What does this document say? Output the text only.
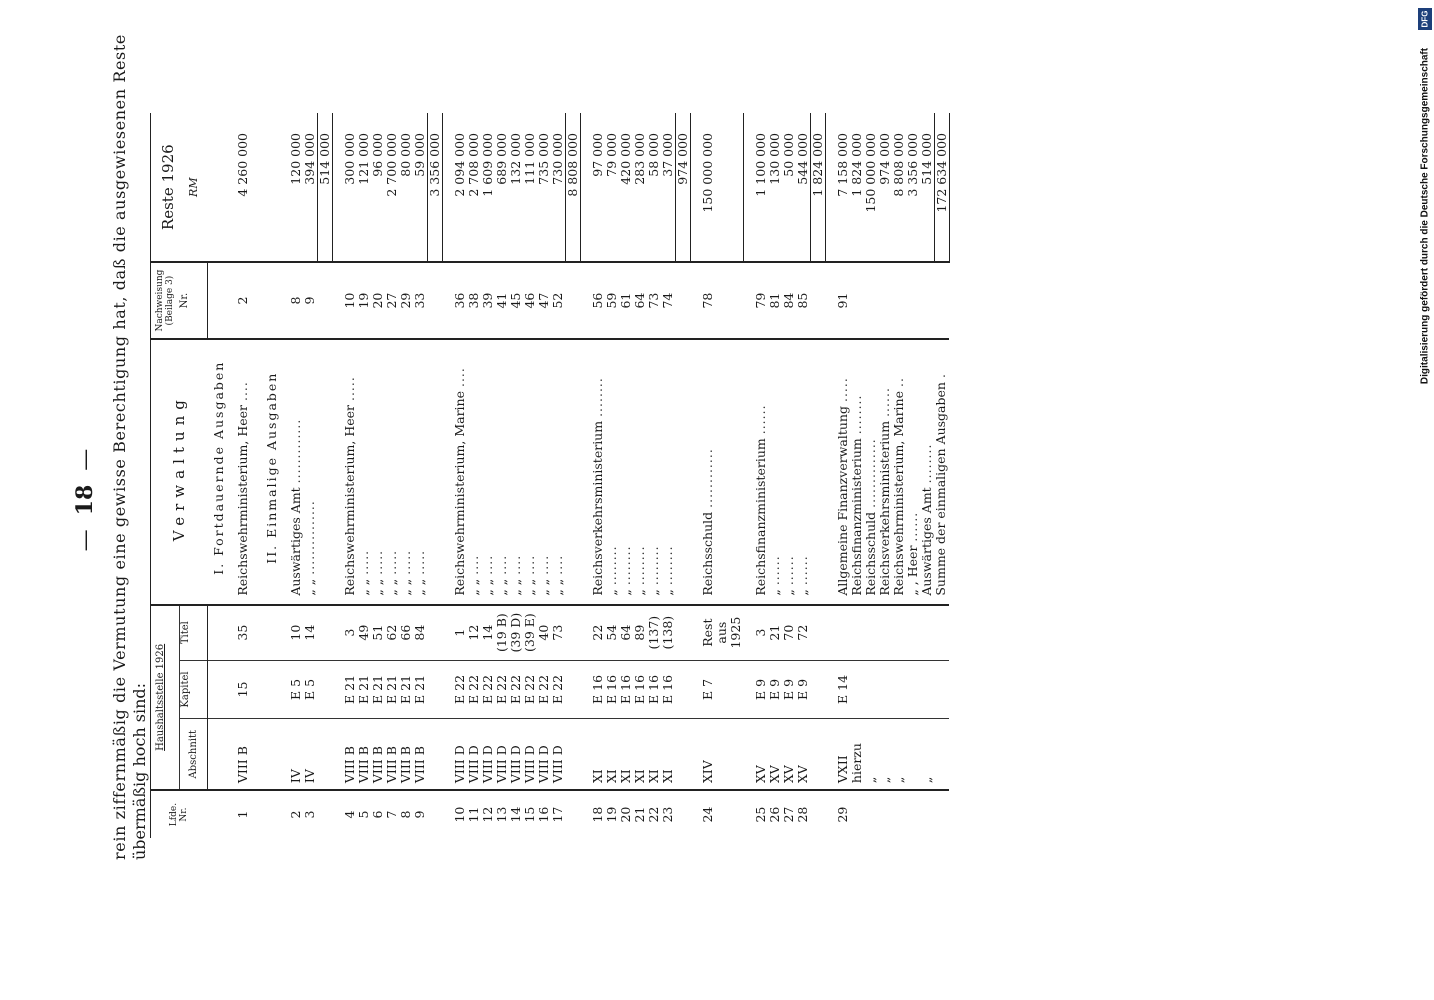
—18— rein ziffernmäßig die Vermutung eine gewisse Berechtigung hat, daß die ausgewiesenen Reste übermäßig hoch sind: Lfde. Nr.	Haushaltsstelle 1926			Verwaltung	Nachweisung (Beilage 3)	Reste 1926 RM

	Abschnitt	Kapitel	Titel		Nr.	
				I. Fortdauernde Ausgaben		

1	VIII B	15	35	Reichswehrministerium, Heer ....	2	4 260 000

				II. Einmalige Ausgaben		

2	IV	E 5	10	Auswärtiges Amt .............	8	120 000
3	IV	E 5	14	„ „ ...............	9	394 000
						514 000

4	VIII B	E 21	3	Reichswehrministerium, Heer .....	10	300 000
5	VIII B	E 21	49	„ „ .....	19	121 000
6	VIII B	E 21	51	„ „ .....	20	96 000
7	VIII B	E 21	62	„ „ .....	27	2 700 000
8	VIII B	E 21	66	„ „ .....	29	80 000
9	VIII B	E 21	84	„ „ .....	33	59 000
						3 356 000

10	VIII D	E 22	1	Reichswehrministerium, Marine ....	36	2 094 000
11	VIII D	E 22	12	„ „ ....	38	2 708 000
12	VIII D	E 22	14	„ „ ....	39	1 609 000
13	VIII D	E 22	(19 B)	„ „ ....	41	689 000
14	VIII D	E 22	(39 D)	„ „ ....	45	132 000
15	VIII D	E 22	(39 E)	„ „ ....	46	111 000
16	VIII D	E 22	40	„ „ ....	47	735 000
17	VIII D	E 22	73	„ „ ....	52	730 000
						8 808 000

18	XI	E 16	22	Reichsverkehrsministerium ........	56	97 000
19	XI	E 16	54	„ ........	59	79 000
20	XI	E 16	64	„ ........	61	420 000
21	XI	E 16	89	„ ........	64	283 000
22	XI	E 16	(137)	„ ........	73	58 000
23	XI	E 16	(138)	„ ........	74	37 000
						974 000

24	XIV	E 7	Rest aus 1925	Reichsschuld ............	78	150 000 000

25	XV	E 9	3	Reichsfinanzministerium ......	79	1 100 000
26	XV	E 9	21	„ ......	81	130 000
27	XV	E 9	70	„ ......	84	50 000
28	XV	E 9	72	„ ......	85	544 000
						1 824 000

29	VXII	E 14		Allgemeine Finanzverwaltung .....	91	7 158 000
	hierzu			Reichsfinanzministerium ........		1 824 000
	„			Reichsschuld ..............		150 000 000
	„			Reichsverkehrsministerium ......		974 000
	„			Reichswehrministerium, Marine ..		8 808 000
				„ , Heer ......		3 356 000
	„			Auswärtiges Amt ........		514 000
				Summe der einmaligen Ausgaben .		172 634 000
DFG
Digitalisierung gefördert durch die Deutsche Forschungsgemeinschaft
